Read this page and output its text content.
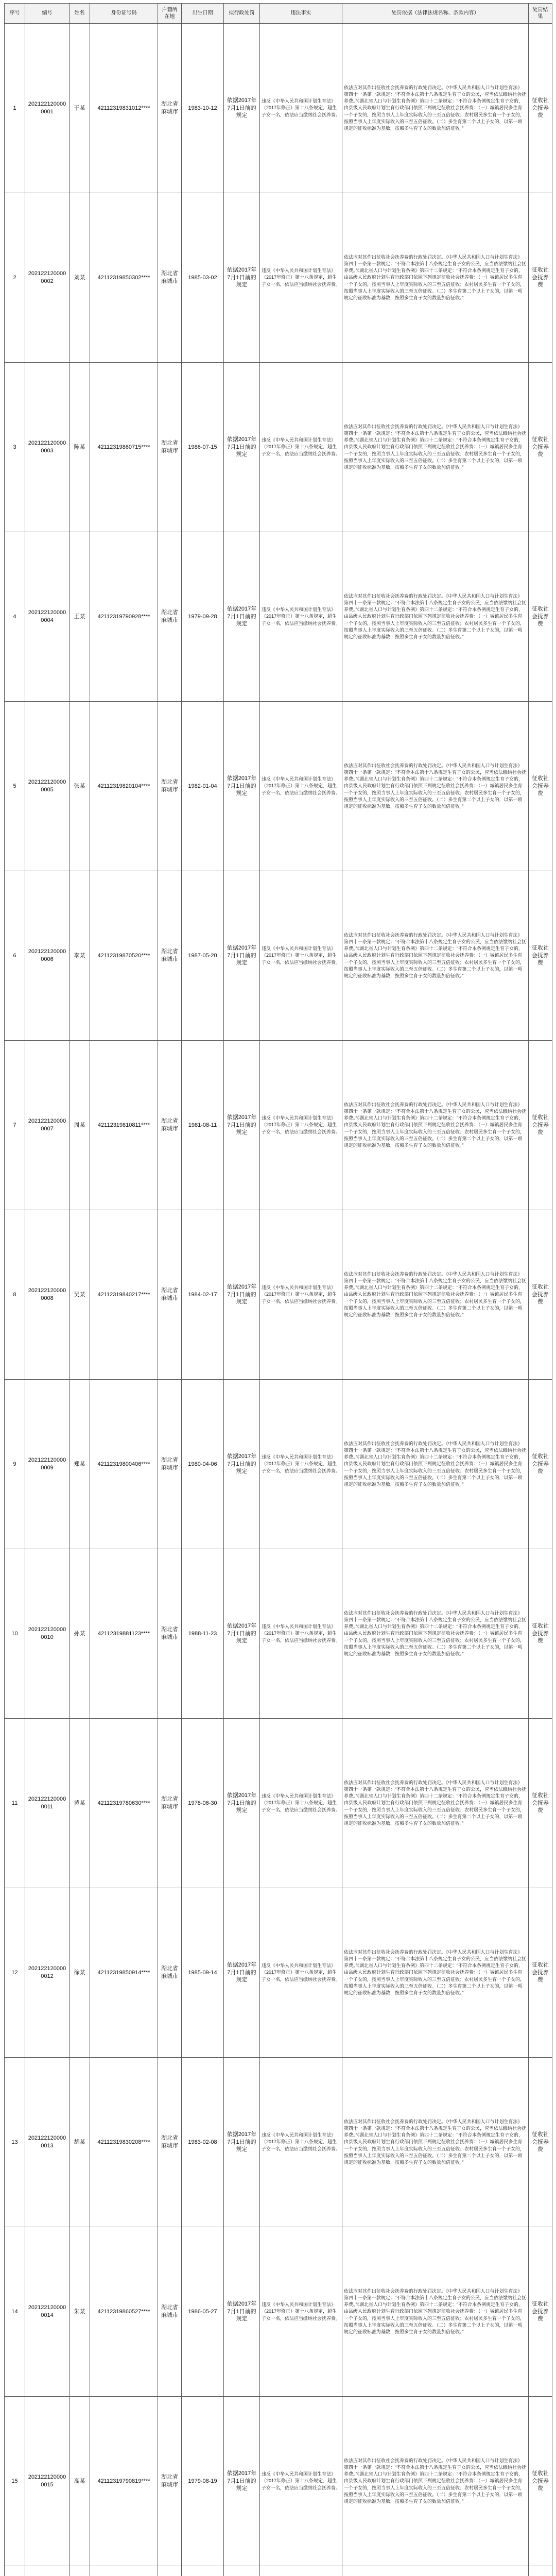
序号	编号	姓名	身份证号码	户籍所在地	出生日期	拟行政处罚	违法事实	处罚依据（法律法规名称、条款内容）	处罚结果
1	2021221200000001	于某	42112319831012****	湖北省麻城市	1983-10-12	依据2017年7月1日前的规定	违反《中华人民共和国计划生育法》（2017年修正）第十八条规定，超生子女一名，依法应当缴纳社会抚养费。	依法应对其作出征收社会抚养费的行政处罚决定。《中华人民共和国人口与计划生育法》第四十一条第一款规定：“不符合本法第十八条规定生育子女的公民，应当依法缴纳社会抚养费。”《湖北省人口与计划生育条例》第四十二条规定：“不符合本条例规定生育子女的，由县级人民政府计划生育行政部门依照下列规定征收社会抚养费：（一）城镇居民多生育一个子女的，按照当事人上年度实际收入的三至五倍征收；农村居民多生育一个子女的，按照当事人上年度实际收入的三至五倍征收。（二）多生育第二个以上子女的，以第一项规定的征收标准为基数，按照多生育子女的数量加倍征收。”	征收社会抚养费
2	2021221200000002	刘某	42112319850302****	湖北省麻城市	1985-03-02	依据2017年7月1日前的规定	违反《中华人民共和国计划生育法》（2017年修正）第十八条规定，超生子女一名，依法应当缴纳社会抚养费。	依法应对其作出征收社会抚养费的行政处罚决定。《中华人民共和国人口与计划生育法》第四十一条第一款规定：“不符合本法第十八条规定生育子女的公民，应当依法缴纳社会抚养费。”《湖北省人口与计划生育条例》第四十二条规定：“不符合本条例规定生育子女的，由县级人民政府计划生育行政部门依照下列规定征收社会抚养费：（一）城镇居民多生育一个子女的，按照当事人上年度实际收入的三至五倍征收；农村居民多生育一个子女的，按照当事人上年度实际收入的三至五倍征收。（二）多生育第二个以上子女的，以第一项规定的征收标准为基数，按照多生育子女的数量加倍征收。”	征收社会抚养费
3	2021221200000003	陈某	42112319860715****	湖北省麻城市	1986-07-15	依据2017年7月1日前的规定	违反《中华人民共和国计划生育法》（2017年修正）第十八条规定，超生子女一名，依法应当缴纳社会抚养费。	依法应对其作出征收社会抚养费的行政处罚决定。《中华人民共和国人口与计划生育法》第四十一条第一款规定：“不符合本法第十八条规定生育子女的公民，应当依法缴纳社会抚养费。”《湖北省人口与计划生育条例》第四十二条规定：“不符合本条例规定生育子女的，由县级人民政府计划生育行政部门依照下列规定征收社会抚养费：（一）城镇居民多生育一个子女的，按照当事人上年度实际收入的三至五倍征收；农村居民多生育一个子女的，按照当事人上年度实际收入的三至五倍征收。（二）多生育第二个以上子女的，以第一项规定的征收标准为基数，按照多生育子女的数量加倍征收。”	征收社会抚养费
4	2021221200000004	王某	42112319790928****	湖北省麻城市	1979-09-28	依据2017年7月1日前的规定	违反《中华人民共和国计划生育法》（2017年修正）第十八条规定，超生子女一名，依法应当缴纳社会抚养费。	依法应对其作出征收社会抚养费的行政处罚决定。《中华人民共和国人口与计划生育法》第四十一条第一款规定：“不符合本法第十八条规定生育子女的公民，应当依法缴纳社会抚养费。”《湖北省人口与计划生育条例》第四十二条规定：“不符合本条例规定生育子女的，由县级人民政府计划生育行政部门依照下列规定征收社会抚养费：（一）城镇居民多生育一个子女的，按照当事人上年度实际收入的三至五倍征收；农村居民多生育一个子女的，按照当事人上年度实际收入的三至五倍征收。（二）多生育第二个以上子女的，以第一项规定的征收标准为基数，按照多生育子女的数量加倍征收。”	征收社会抚养费
5	2021221200000005	张某	42112319820104****	湖北省麻城市	1982-01-04	依据2017年7月1日前的规定	违反《中华人民共和国计划生育法》（2017年修正）第十八条规定，超生子女一名，依法应当缴纳社会抚养费。	依法应对其作出征收社会抚养费的行政处罚决定。《中华人民共和国人口与计划生育法》第四十一条第一款规定：“不符合本法第十八条规定生育子女的公民，应当依法缴纳社会抚养费。”《湖北省人口与计划生育条例》第四十二条规定：“不符合本条例规定生育子女的，由县级人民政府计划生育行政部门依照下列规定征收社会抚养费：（一）城镇居民多生育一个子女的，按照当事人上年度实际收入的三至五倍征收；农村居民多生育一个子女的，按照当事人上年度实际收入的三至五倍征收。（二）多生育第二个以上子女的，以第一项规定的征收标准为基数，按照多生育子女的数量加倍征收。”	征收社会抚养费
6	2021221200000006	李某	42112319870520****	湖北省麻城市	1987-05-20	依据2017年7月1日前的规定	违反《中华人民共和国计划生育法》（2017年修正）第十八条规定，超生子女一名，依法应当缴纳社会抚养费。	依法应对其作出征收社会抚养费的行政处罚决定。《中华人民共和国人口与计划生育法》第四十一条第一款规定：“不符合本法第十八条规定生育子女的公民，应当依法缴纳社会抚养费。”《湖北省人口与计划生育条例》第四十二条规定：“不符合本条例规定生育子女的，由县级人民政府计划生育行政部门依照下列规定征收社会抚养费：（一）城镇居民多生育一个子女的，按照当事人上年度实际收入的三至五倍征收；农村居民多生育一个子女的，按照当事人上年度实际收入的三至五倍征收。（二）多生育第二个以上子女的，以第一项规定的征收标准为基数，按照多生育子女的数量加倍征收。”	征收社会抚养费
7	2021221200000007	周某	42112319810811****	湖北省麻城市	1981-08-11	依据2017年7月1日前的规定	违反《中华人民共和国计划生育法》（2017年修正）第十八条规定，超生子女一名，依法应当缴纳社会抚养费。	依法应对其作出征收社会抚养费的行政处罚决定。《中华人民共和国人口与计划生育法》第四十一条第一款规定：“不符合本法第十八条规定生育子女的公民，应当依法缴纳社会抚养费。”《湖北省人口与计划生育条例》第四十二条规定：“不符合本条例规定生育子女的，由县级人民政府计划生育行政部门依照下列规定征收社会抚养费：（一）城镇居民多生育一个子女的，按照当事人上年度实际收入的三至五倍征收；农村居民多生育一个子女的，按照当事人上年度实际收入的三至五倍征收。（二）多生育第二个以上子女的，以第一项规定的征收标准为基数，按照多生育子女的数量加倍征收。”	征收社会抚养费
8	2021221200000008	吴某	42112319840217****	湖北省麻城市	1984-02-17	依据2017年7月1日前的规定	违反《中华人民共和国计划生育法》（2017年修正）第十八条规定，超生子女一名，依法应当缴纳社会抚养费。	依法应对其作出征收社会抚养费的行政处罚决定。《中华人民共和国人口与计划生育法》第四十一条第一款规定：“不符合本法第十八条规定生育子女的公民，应当依法缴纳社会抚养费。”《湖北省人口与计划生育条例》第四十二条规定：“不符合本条例规定生育子女的，由县级人民政府计划生育行政部门依照下列规定征收社会抚养费：（一）城镇居民多生育一个子女的，按照当事人上年度实际收入的三至五倍征收；农村居民多生育一个子女的，按照当事人上年度实际收入的三至五倍征收。（二）多生育第二个以上子女的，以第一项规定的征收标准为基数，按照多生育子女的数量加倍征收。”	征收社会抚养费
9	2021221200000009	郑某	42112319800406****	湖北省麻城市	1980-04-06	依据2017年7月1日前的规定	违反《中华人民共和国计划生育法》（2017年修正）第十八条规定，超生子女一名，依法应当缴纳社会抚养费。	依法应对其作出征收社会抚养费的行政处罚决定。《中华人民共和国人口与计划生育法》第四十一条第一款规定：“不符合本法第十八条规定生育子女的公民，应当依法缴纳社会抚养费。”《湖北省人口与计划生育条例》第四十二条规定：“不符合本条例规定生育子女的，由县级人民政府计划生育行政部门依照下列规定征收社会抚养费：（一）城镇居民多生育一个子女的，按照当事人上年度实际收入的三至五倍征收；农村居民多生育一个子女的，按照当事人上年度实际收入的三至五倍征收。（二）多生育第二个以上子女的，以第一项规定的征收标准为基数，按照多生育子女的数量加倍征收。”	征收社会抚养费
10	2021221200000010	孙某	42112319881123****	湖北省麻城市	1988-11-23	依据2017年7月1日前的规定	违反《中华人民共和国计划生育法》（2017年修正）第十八条规定，超生子女一名，依法应当缴纳社会抚养费。	依法应对其作出征收社会抚养费的行政处罚决定。《中华人民共和国人口与计划生育法》第四十一条第一款规定：“不符合本法第十八条规定生育子女的公民，应当依法缴纳社会抚养费。”《湖北省人口与计划生育条例》第四十二条规定：“不符合本条例规定生育子女的，由县级人民政府计划生育行政部门依照下列规定征收社会抚养费：（一）城镇居民多生育一个子女的，按照当事人上年度实际收入的三至五倍征收；农村居民多生育一个子女的，按照当事人上年度实际收入的三至五倍征收。（二）多生育第二个以上子女的，以第一项规定的征收标准为基数，按照多生育子女的数量加倍征收。”	征收社会抚养费
11	2021221200000011	黄某	42112319780630****	湖北省麻城市	1978-06-30	依据2017年7月1日前的规定	违反《中华人民共和国计划生育法》（2017年修正）第十八条规定，超生子女一名，依法应当缴纳社会抚养费。	依法应对其作出征收社会抚养费的行政处罚决定。《中华人民共和国人口与计划生育法》第四十一条第一款规定：“不符合本法第十八条规定生育子女的公民，应当依法缴纳社会抚养费。”《湖北省人口与计划生育条例》第四十二条规定：“不符合本条例规定生育子女的，由县级人民政府计划生育行政部门依照下列规定征收社会抚养费：（一）城镇居民多生育一个子女的，按照当事人上年度实际收入的三至五倍征收；农村居民多生育一个子女的，按照当事人上年度实际收入的三至五倍征收。（二）多生育第二个以上子女的，以第一项规定的征收标准为基数，按照多生育子女的数量加倍征收。”	征收社会抚养费
12	2021221200000012	徐某	42112319850914****	湖北省麻城市	1985-09-14	依据2017年7月1日前的规定	违反《中华人民共和国计划生育法》（2017年修正）第十八条规定，超生子女一名，依法应当缴纳社会抚养费。	依法应对其作出征收社会抚养费的行政处罚决定。《中华人民共和国人口与计划生育法》第四十一条第一款规定：“不符合本法第十八条规定生育子女的公民，应当依法缴纳社会抚养费。”《湖北省人口与计划生育条例》第四十二条规定：“不符合本条例规定生育子女的，由县级人民政府计划生育行政部门依照下列规定征收社会抚养费：（一）城镇居民多生育一个子女的，按照当事人上年度实际收入的三至五倍征收；农村居民多生育一个子女的，按照当事人上年度实际收入的三至五倍征收。（二）多生育第二个以上子女的，以第一项规定的征收标准为基数，按照多生育子女的数量加倍征收。”	征收社会抚养费
13	2021221200000013	胡某	42112319830208****	湖北省麻城市	1983-02-08	依据2017年7月1日前的规定	违反《中华人民共和国计划生育法》（2017年修正）第十八条规定，超生子女一名，依法应当缴纳社会抚养费。	依法应对其作出征收社会抚养费的行政处罚决定。《中华人民共和国人口与计划生育法》第四十一条第一款规定：“不符合本法第十八条规定生育子女的公民，应当依法缴纳社会抚养费。”《湖北省人口与计划生育条例》第四十二条规定：“不符合本条例规定生育子女的，由县级人民政府计划生育行政部门依照下列规定征收社会抚养费：（一）城镇居民多生育一个子女的，按照当事人上年度实际收入的三至五倍征收；农村居民多生育一个子女的，按照当事人上年度实际收入的三至五倍征收。（二）多生育第二个以上子女的，以第一项规定的征收标准为基数，按照多生育子女的数量加倍征收。”	征收社会抚养费
14	2021221200000014	朱某	42112319860527****	湖北省麻城市	1986-05-27	依据2017年7月1日前的规定	违反《中华人民共和国计划生育法》（2017年修正）第十八条规定，超生子女一名，依法应当缴纳社会抚养费。	依法应对其作出征收社会抚养费的行政处罚决定。《中华人民共和国人口与计划生育法》第四十一条第一款规定：“不符合本法第十八条规定生育子女的公民，应当依法缴纳社会抚养费。”《湖北省人口与计划生育条例》第四十二条规定：“不符合本条例规定生育子女的，由县级人民政府计划生育行政部门依照下列规定征收社会抚养费：（一）城镇居民多生育一个子女的，按照当事人上年度实际收入的三至五倍征收；农村居民多生育一个子女的，按照当事人上年度实际收入的三至五倍征收。（二）多生育第二个以上子女的，以第一项规定的征收标准为基数，按照多生育子女的数量加倍征收。”	征收社会抚养费
15	2021221200000015	高某	42112319790819****	湖北省麻城市	1979-08-19	依据2017年7月1日前的规定	违反《中华人民共和国计划生育法》（2017年修正）第十八条规定，超生子女一名，依法应当缴纳社会抚养费。	依法应对其作出征收社会抚养费的行政处罚决定。《中华人民共和国人口与计划生育法》第四十一条第一款规定：“不符合本法第十八条规定生育子女的公民，应当依法缴纳社会抚养费。”《湖北省人口与计划生育条例》第四十二条规定：“不符合本条例规定生育子女的，由县级人民政府计划生育行政部门依照下列规定征收社会抚养费：（一）城镇居民多生育一个子女的，按照当事人上年度实际收入的三至五倍征收；农村居民多生育一个子女的，按照当事人上年度实际收入的三至五倍征收。（二）多生育第二个以上子女的，以第一项规定的征收标准为基数，按照多生育子女的数量加倍征收。”	征收社会抚养费
